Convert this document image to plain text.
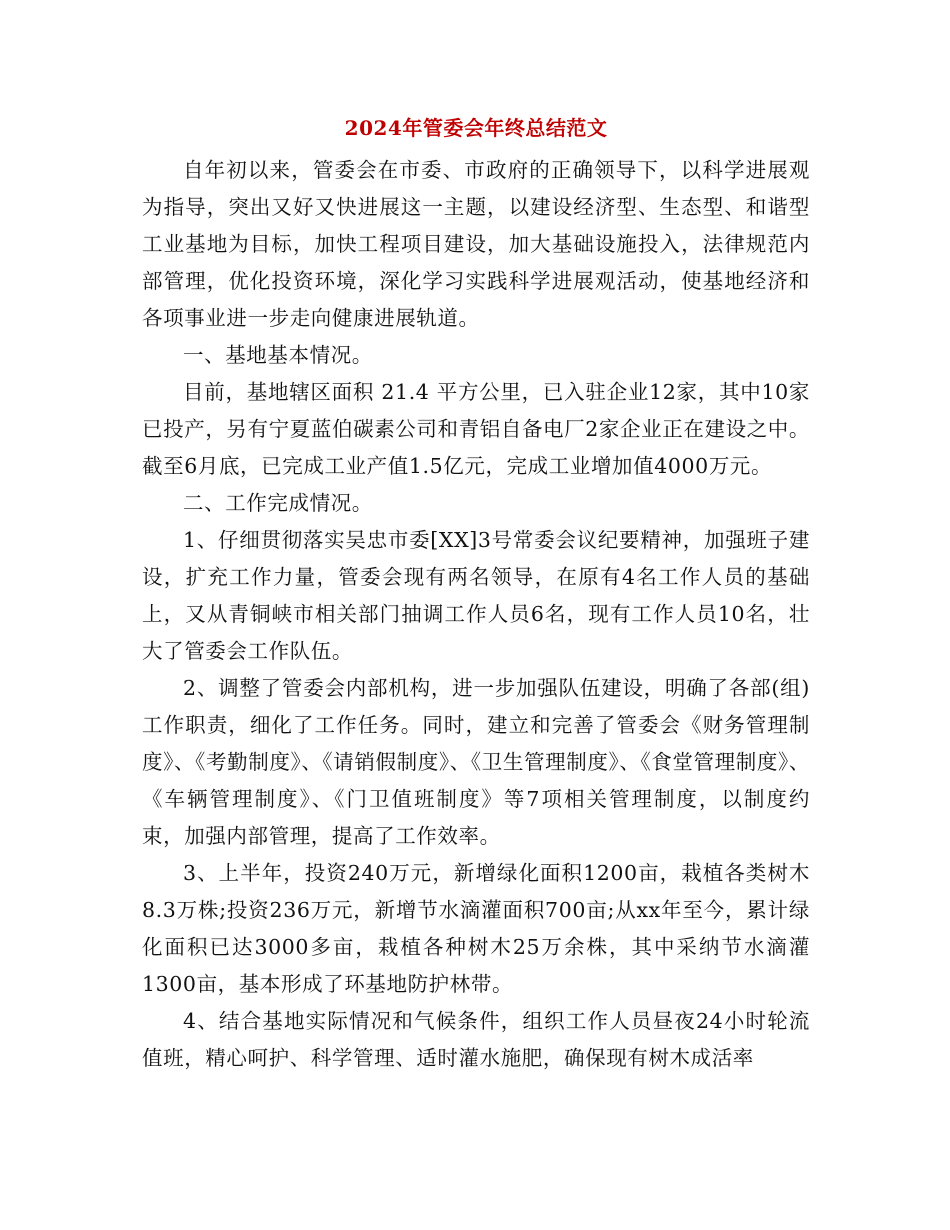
2024年管委会年终总结范文

自年初以来，管委会在市委、市政府的正确领导下，以科学进展观为指导，突出又好又快进展这一主题，以建设经济型、生态型、和谐型工业基地为目标，加快工程项目建设，加大基础设施投入，法律规范内部管理，优化投资环境，深化学习实践科学进展观活动，使基地经济和各项事业进一步走向健康进展轨道。

一、基地基本情况。

目前，基地辖区面积 21.4 平方公里，已入驻企业12家，其中10家已投产，另有宁夏蓝伯碳素公司和青铝自备电厂2家企业正在建设之中。截至6月底，已完成工业产值1.5亿元，完成工业增加值4000万元。

二、工作完成情况。

1、仔细贯彻落实吴忠市委[XX]3号常委会议纪要精神，加强班子建设，扩充工作力量，管委会现有两名领导，在原有4名工作人员的基础上，又从青铜峡市相关部门抽调工作人员6名，现有工作人员10名，壮大了管委会工作队伍。

2、调整了管委会内部机构，进一步加强队伍建设，明确了各部(组)工作职责，细化了工作任务。同时，建立和完善了管委会《财务管理制度》、《考勤制度》、《请销假制度》、《卫生管理制度》、《食堂管理制度》、《车辆管理制度》、《门卫值班制度》等7项相关管理制度，以制度约束，加强内部管理，提高了工作效率。

3、上半年，投资240万元，新增绿化面积1200亩，栽植各类树木8.3万株;投资236万元，新增节水滴灌面积700亩;从xx年至今，累计绿化面积已达3000多亩，栽植各种树木25万余株，其中采纳节水滴灌1300亩，基本形成了环基地防护林带。

4、结合基地实际情况和气候条件，组织工作人员昼夜24小时轮流值班，精心呵护、科学管理、适时灌水施肥，确保现有树木成活率
